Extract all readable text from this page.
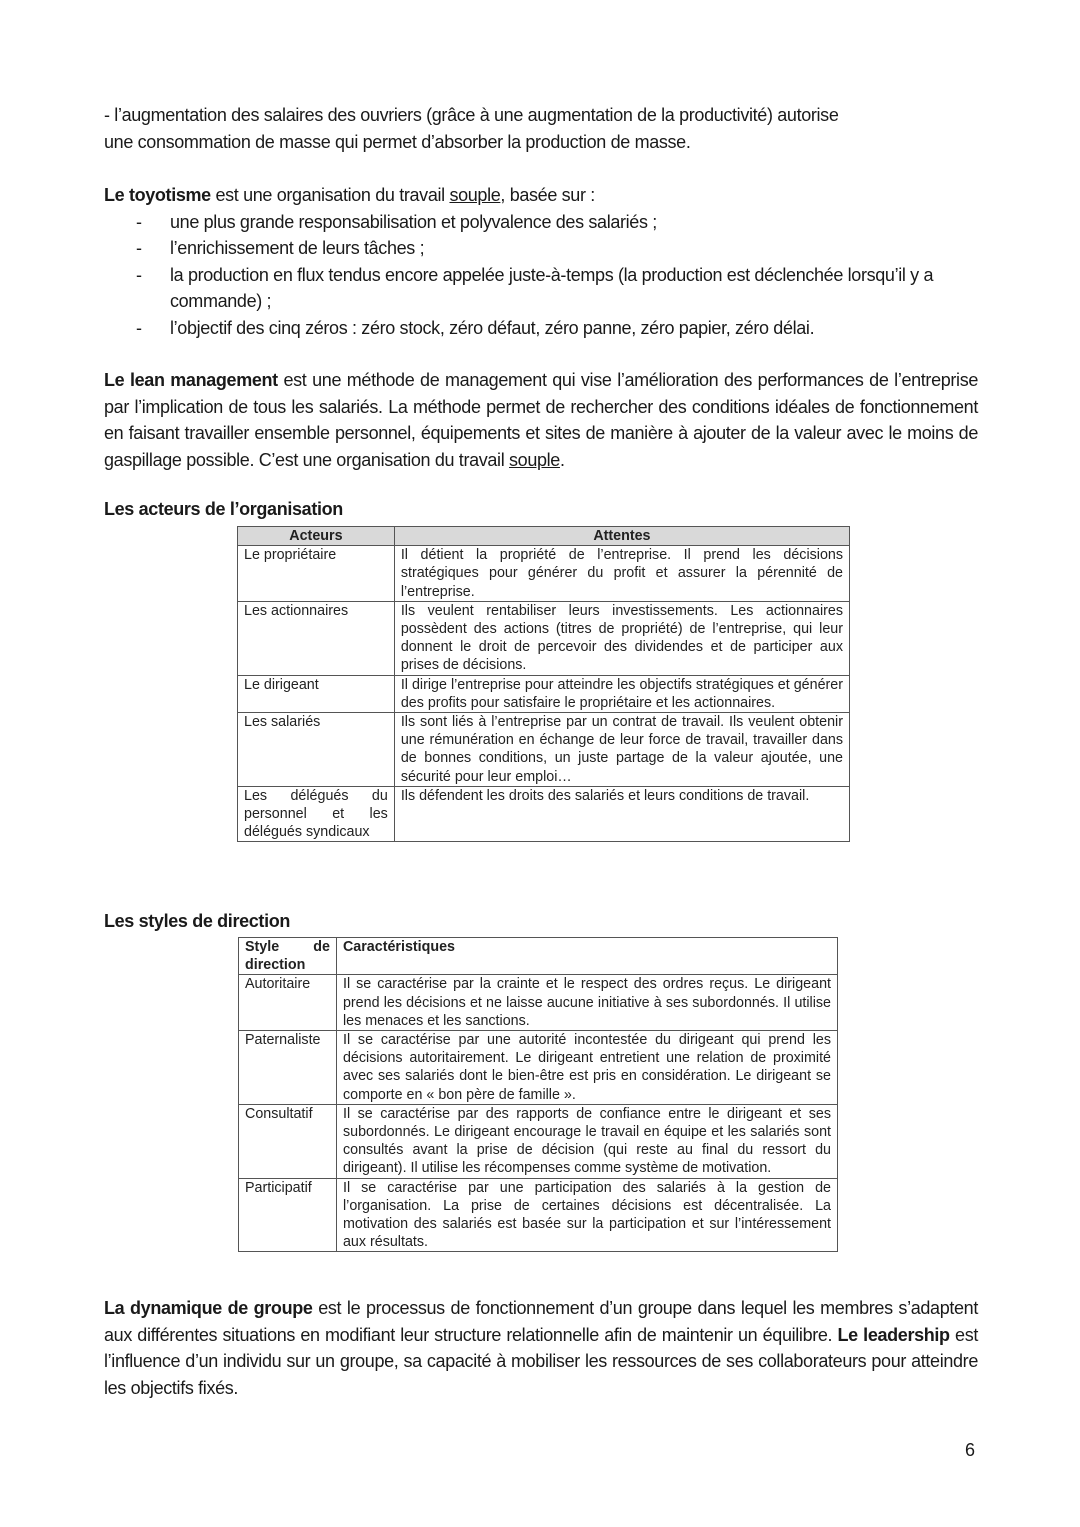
- l’augmentation des salaires des ouvriers (grâce à une augmentation de la productivité) autorise
une consommation de masse qui permet d’absorber la production de masse.

Le toyotisme est une organisation du travail souple, basée sur :

- une plus grande responsabilisation et polyvalence des salariés ;
- l’enrichissement de leurs tâches ;
- la production en flux tendus encore appelée juste-à-temps (la production est déclenchée lorsqu’il y a commande) ;
- l’objectif des cinq zéros : zéro stock, zéro défaut, zéro panne, zéro papier, zéro délai.

Le lean management est une méthode de management qui vise l’amélioration des performances de l’entreprise par l’implication de tous les salariés. La méthode permet de rechercher des conditions idéales de fonctionnement en faisant travailler ensemble personnel, équipements et sites de manière à ajouter de la valeur avec le moins de gaspillage possible. C’est une organisation du travail souple.

Les acteurs de l’organisation
Les styles de direction

La dynamique de groupe est le processus de fonctionnement d’un groupe dans lequel les membres s’adaptent aux différentes situations en modifiant leur structure relationnelle afin de maintenir un équilibre. Le leadership est l’influence d’un individu sur un groupe, sa capacité à mobiliser les ressources de ses collaborateurs pour atteindre les objectifs fixés.

Acteurs	Attentes
Le propriétaire	Il détient la propriété de l’entreprise. Il prend les décisions stratégiques pour générer du profit et assurer la pérennité de l’entreprise.
Les actionnaires	Ils veulent rentabiliser leurs investissements. Les actionnaires possèdent des actions (titres de propriété) de l’entreprise, qui leur donnent le droit de percevoir des dividendes et de participer aux prises de décisions.
Le dirigeant	Il dirige l’entreprise pour atteindre les objectifs stratégiques et générer des profits pour satisfaire le propriétaire et les actionnaires.
Les salariés	Ils sont liés à l’entreprise par un contrat de travail. Ils veulent obtenir une rémunération en échange de leur force de travail, travailler dans de bonnes conditions, un juste partage de la valeur ajoutée, une sécurité pour leur emploi…
Les délégués du personnel et les délégués syndicaux	Ils défendent les droits des salariés et leurs conditions de travail.
Style de direction	Caractéristiques
Autoritaire	Il se caractérise par la crainte et le respect des ordres reçus. Le dirigeant prend les décisions et ne laisse aucune initiative à ses subordonnés. Il utilise les menaces et les sanctions.
Paternaliste	Il se caractérise par une autorité incontestée du dirigeant qui prend les décisions autoritairement. Le dirigeant entretient une relation de proximité avec ses salariés dont le bien-être est pris en considération. Le dirigeant se comporte en « bon père de famille ».
Consultatif	Il se caractérise par des rapports de confiance entre le dirigeant et ses subordonnés. Le dirigeant encourage le travail en équipe et les salariés sont consultés avant la prise de décision (qui reste au final du ressort du dirigeant). Il utilise les récompenses comme système de motivation.
Participatif	Il se caractérise par une participation des salariés à la gestion de l’organisation. La prise de certaines décisions est décentralisée. La motivation des salariés est basée sur la participation et sur l’intéressement aux résultats.
6
